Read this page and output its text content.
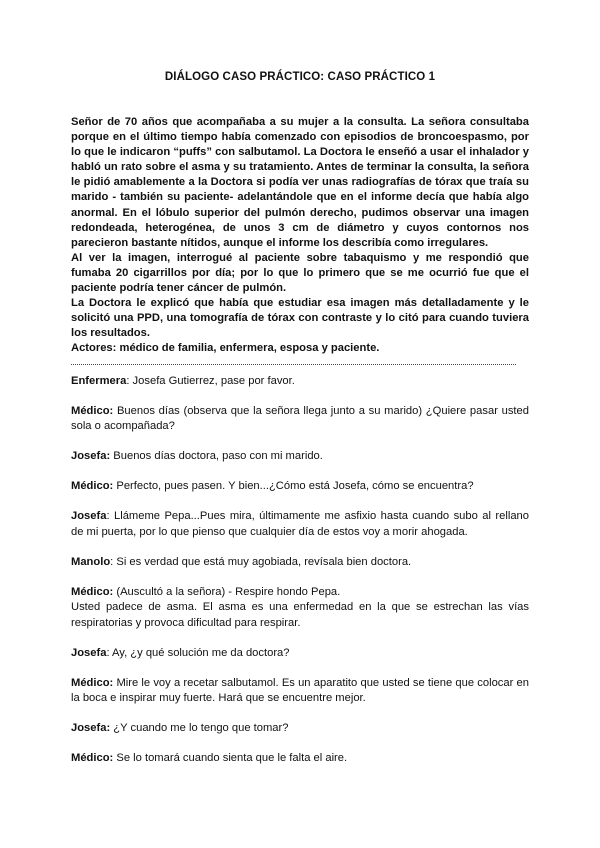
DIÁLOGO CASO PRÁCTICO: CASO PRÁCTICO 1

Señor de 70 años que acompañaba a su mujer a la consulta. La señora consultaba porque en el último tiempo había comenzado con episodios de broncoespasmo, por lo que le indicaron “puffs” con salbutamol. La Doctora le enseñó a usar el inhalador y habló un rato sobre el asma y su tratamiento. Antes de terminar la consulta, la señora le pidió amablemente a la Doctora si podía ver unas radiografías de tórax que traía su marido - también su paciente- adelantándole que en el informe decía que había algo anormal. En el lóbulo superior del pulmón derecho, pudimos observar una imagen redondeada, heterogénea, de unos 3 cm de diámetro y cuyos contornos nos parecieron bastante nítidos, aunque el informe los describía como irregulares.

Al ver la imagen, interrogué al paciente sobre tabaquismo y me respondió que fumaba 20 cigarrillos por día; por lo que lo primero que se me ocurrió fue que el paciente podría tener cáncer de pulmón.

La Doctora le explicó que había que estudiar esa imagen más detalladamente y le solicitó una PPD, una tomografía de tórax con contraste y lo citó para cuando tuviera los resultados.

Actores: médico de familia, enfermera, esposa y paciente.

Enfermera: Josefa Gutierrez, pase por favor.

Médico: Buenos días (observa que la señora llega junto a su marido) ¿Quiere pasar usted sola o acompañada?

Josefa: Buenos días doctora, paso con mi marido.

Médico: Perfecto, pues pasen. Y bien...¿Cómo está Josefa, cómo se encuentra?

Josefa: Llámeme Pepa...Pues mira, últimamente me asfixio hasta cuando subo al rellano de mi puerta, por lo que pienso que cualquier día de estos voy a morir ahogada.

Manolo: Si es verdad que está muy agobiada, revísala bien doctora.

Médico: (Auscultó a la señora) - Respire hondo Pepa.
Usted padece de asma. El asma es una enfermedad en la que se estrechan las vías respiratorias y provoca dificultad para respirar.

Josefa: Ay, ¿y qué solución me da doctora?

Médico: Mire le voy a recetar salbutamol. Es un aparatito que usted se tiene que colocar en la boca e inspirar muy fuerte. Hará que se encuentre mejor.

Josefa: ¿Y cuando me lo tengo que tomar?

Médico: Se lo tomará cuando sienta que le falta el aire.
